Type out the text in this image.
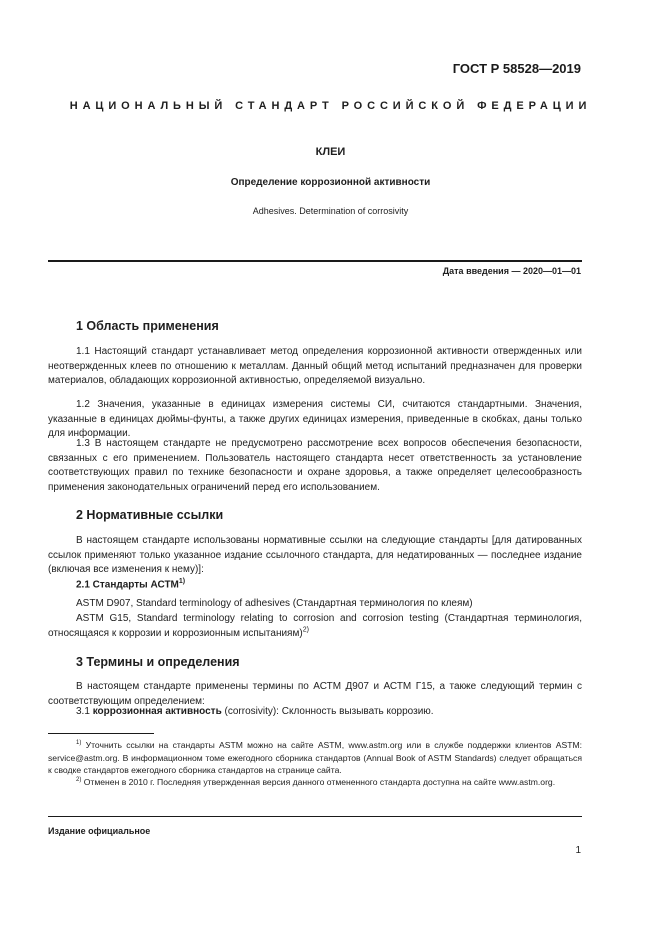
ГОСТ Р 58528—2019
НАЦИОНАЛЬНЫЙ СТАНДАРТ РОССИЙСКОЙ ФЕДЕРАЦИИ
КЛЕИ
Определение коррозионной активности
Adhesives. Determination of corrosivity
Дата введения — 2020—01—01
1 Область применения
1.1 Настоящий стандарт устанавливает метод определения коррозионной активности отвержденных или неотвержденных клеев по отношению к металлам. Данный общий метод испытаний предназначен для проверки материалов, обладающих коррозионной активностью, определяемой визуально.
1.2 Значения, указанные в единицах измерения системы СИ, считаются стандартными. Значения, указанные в единицах дюймы-фунты, а также других единицах измерения, приведенные в скобках, даны только для информации.
1.3 В настоящем стандарте не предусмотрено рассмотрение всех вопросов обеспечения безопасности, связанных с его применением. Пользователь настоящего стандарта несет ответственность за установление соответствующих правил по технике безопасности и охране здоровья, а также определяет целесообразность применения законодательных ограничений перед его использованием.
2 Нормативные ссылки
В настоящем стандарте использованы нормативные ссылки на следующие стандарты [для датированных ссылок применяют только указанное издание ссылочного стандарта, для недатированных — последнее издание (включая все изменения к нему)]:
2.1 Стандарты АСТМ$^{1)}$
ASTM D907, Standard terminology of adhesives (Стандартная терминология по клеям)
ASTM G15, Standard terminology relating to corrosion and corrosion testing (Стандартная терминология, относящаяся к коррозии и коррозионным испытаниям)$^{2)}$
3 Термины и определения
В настоящем стандарте применены термины по АСТМ Д907 и АСТМ Г15, а также следующий термин с соответствующим определением:
3.1 коррозионная активность (corrosivity): Склонность вызывать коррозию.
$^{1)}$ Уточнить ссылки на стандарты ASTM можно на сайте ASTM, www.astm.org или в службе поддержки клиентов ASTM: service@astm.org. В информационном томе ежегодного сборника стандартов (Annual Book of ASTM Standards) следует обращаться к сводке стандартов ежегодного сборника стандартов на странице сайта.
$^{2)}$ Отменен в 2010 г. Последняя утвержденная версия данного отмененного стандарта доступна на сайте www.astm.org.
Издание официальное
1
